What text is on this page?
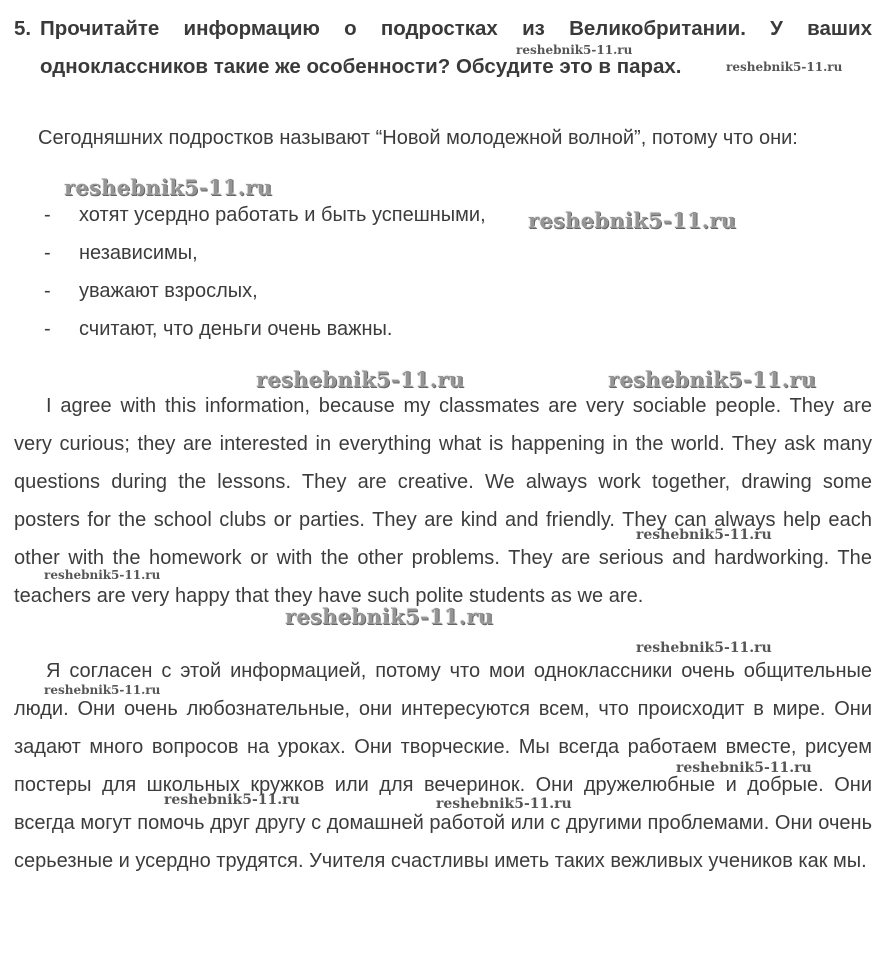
5. Прочитайте информацию о подростках из Великобритании. У ваших одноклассников такие же особенности? Обсудите это в парах.
Сегодняшних подростков называют “Новой молодежной волной”, потому что они:
- хотят усердно работать и быть успешными,
- независимы,
- уважают взрослых,
- считают, что деньги очень важны.

I agree with this information, because my classmates are very sociable people. They are very curious; they are interested in everything what is happening in the world. They ask many questions during the lessons. They are creative. We always work together, drawing some posters for the school clubs or parties. They are kind and friendly. They can always help each other with the homework or with the other problems. They are serious and hardworking. The teachers are very happy that they have such polite students as we are.

Я согласен с этой информацией, потому что мои одноклассники очень общительные люди. Они очень любознательные, они интересуются всем, что происходит в мире. Они задают много вопросов на уроках. Они творческие. Мы всегда работаем вместе, рисуем постеры для школьных кружков или для вечеринок. Они дружелюбные и добрые. Они всегда могут помочь друг другу с домашней работой или с другими проблемами. Они очень серьезные и усердно трудятся. Учителя счастливы иметь таких вежливых учеников как мы.

reshebnik5-11.ru
reshebnik5-11.ru
reshebnik5-11.ru
reshebnik5-11.ru
reshebnik5-11.ru	reshebnik5-11.ru
reshebnik5-11.ru
reshebnik5-11.ru
reshebnik5-11.ru
reshebnik5-11.ru
reshebnik5-11.ru
reshebnik5-11.ru
reshebnik5-11.ru	reshebnik5-11.ru
